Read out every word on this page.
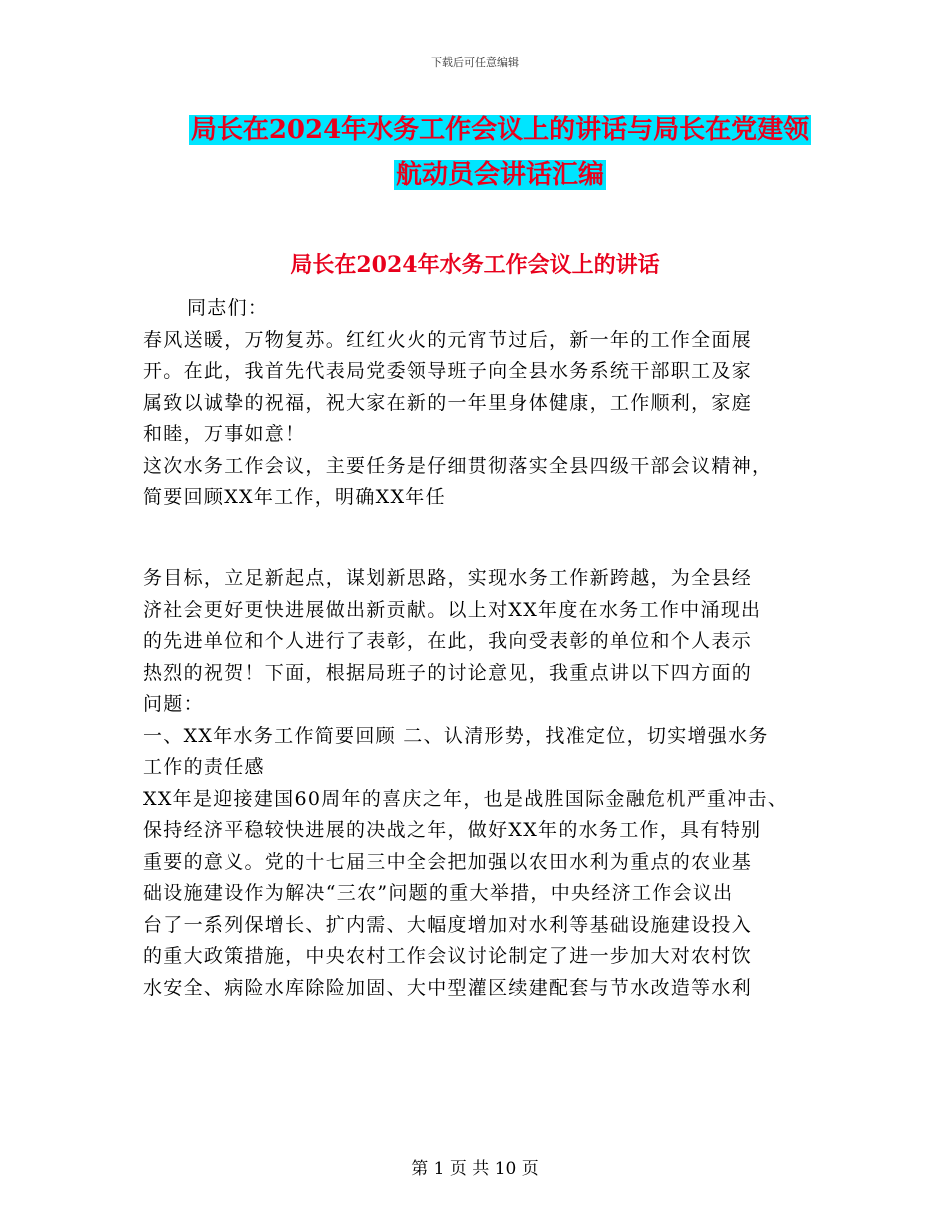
下载后可任意编辑
局长在2024年水务工作会议上的讲话与局长在党建领
航动员会讲话汇编
局长在2024年水务工作会议上的讲话

同志们：

春风送暖，万物复苏。红红火火的元宵节过后，新一年的工作全面展

开。在此，我首先代表局党委领导班子向全县水务系统干部职工及家

属致以诚挚的祝福，祝大家在新的一年里身体健康，工作顺利，家庭

和睦，万事如意！

这次水务工作会议，主要任务是仔细贯彻落实全县四级干部会议精神，

简要回顾XX年工作，明确XX年任

务目标，立足新起点，谋划新思路，实现水务工作新跨越，为全县经

济社会更好更快进展做出新贡献。以上对XX年度在水务工作中涌现出

的先进单位和个人进行了表彰，在此，我向受表彰的单位和个人表示

热烈的祝贺！下面，根据局班子的讨论意见，我重点讲以下四方面的

问题：

一、XX年水务工作简要回顾 二、认清形势，找准定位，切实增强水务

工作的责任感

XX年是迎接建国60周年的喜庆之年，也是战胜国际金融危机严重冲击、

保持经济平稳较快进展的决战之年，做好XX年的水务工作，具有特别

重要的意义。党的十七届三中全会把加强以农田水利为重点的农业基

础设施建设作为解决“三农”问题的重大举措，中央经济工作会议出

台了一系列保增长、扩内需、大幅度增加对水利等基础设施建设投入

的重大政策措施，中央农村工作会议讨论制定了进一步加大对农村饮

水安全、病险水库除险加固、大中型灌区续建配套与节水改造等水利

第 1 页 共 10 页
